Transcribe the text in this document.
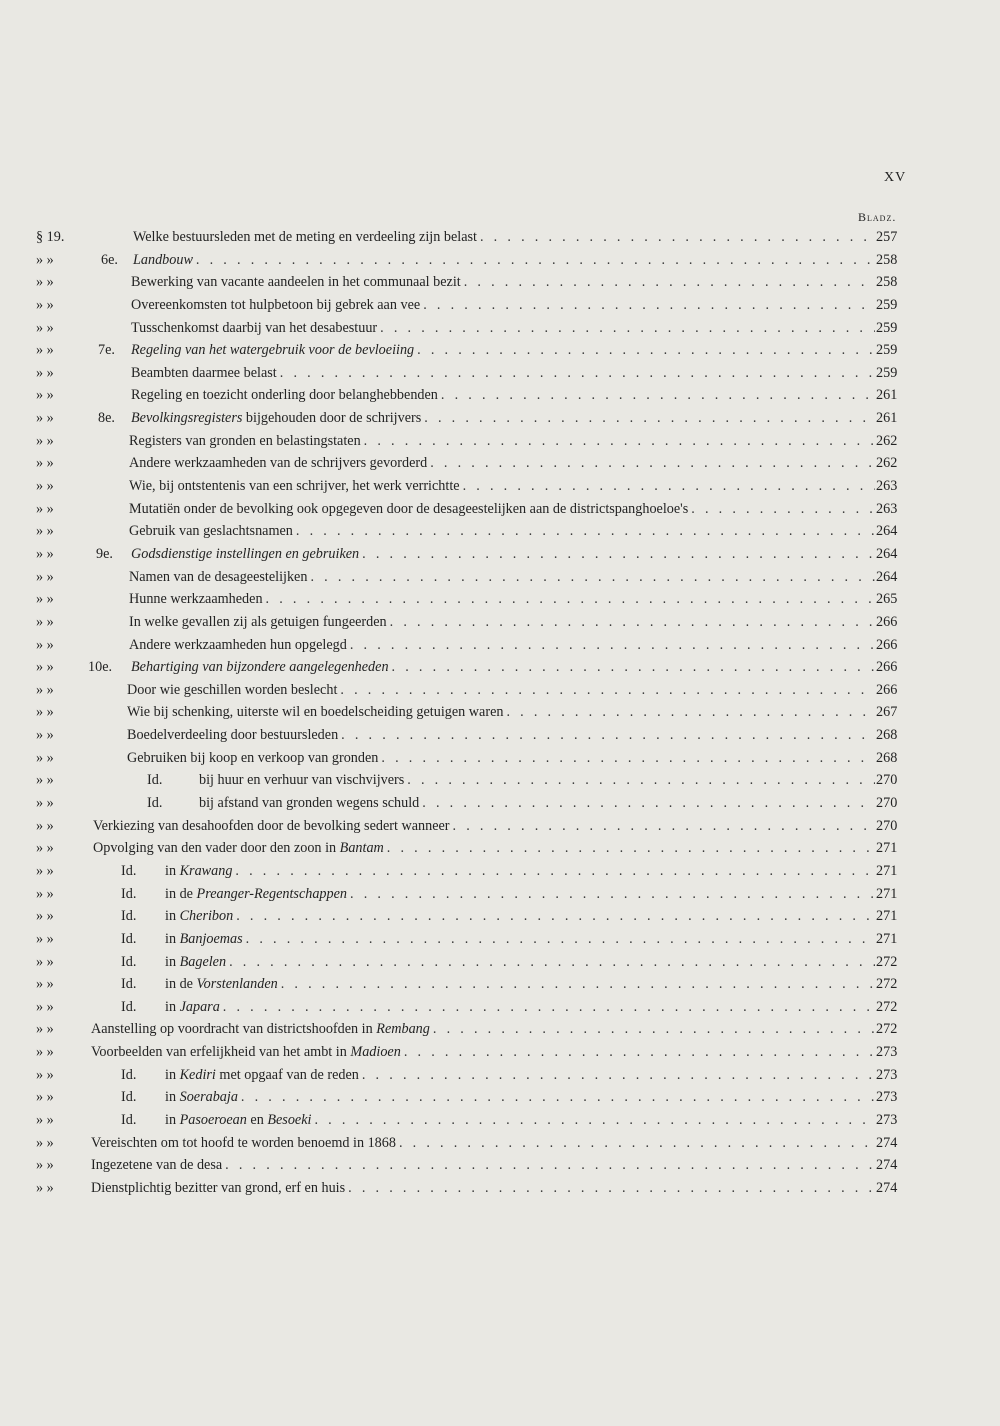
XV
Bladz.
§ 19.	Welke bestuursleden met de meting en verdeeling zijn belast . . .	257
» »	6e. Landbouw . . .	258
» »	Bewerking van vacante aandeelen in het communaal bezit . . .	258
» »	Overeenkomsten tot hulpbetoon bij gebrek aan vee . . .	259
» »	Tusschenkomst daarbij van het desabestuur . . .	259
» »	7e. Regeling van het watergebruik voor de bevloeiing . . .	259
» »	Beambten daarmee belast . . .	259
» »	Regeling en toezicht onderling door belanghebbenden . . .	261
» »	8e. Bevolkingsregisters bijgehouden door de schrijvers . . .	261
» »	Registers van gronden en belastingstaten . . .	262
» »	Andere werkzaamheden van de schrijvers gevorderd . . .	262
» »	Wie, bij ontstentenis van een schrijver, het werk verrichtte . . .	263
» »	Mutatiën onder de bevolking ook opgegeven door de desageestelijken aan de districtspanghoeloe's . . .	263
» »	Gebruik van geslachtsnamen . . .	264
» »	9e. Godsdienstige instellingen en gebruiken . . .	264
» »	Namen van de desageestelijken . . .	264
» »	Hunne werkzaamheden . . .	265
» »	In welke gevallen zij als getuigen fungeerden . . .	266
» »	Andere werkzaamheden hun opgelegd . . .	266
» »	10e. Behartiging van bijzondere aangelegenheden . . .	266
» »	Door wie geschillen worden beslecht . . .	266
» »	Wie bij schenking, uiterste wil en boedelscheiding getuigen waren . . .	267
» »	Boedelverdeeling door bestuursleden . . .	268
» »	Gebruiken bij koop en verkoop van gronden . . .	268
» »	Id.	bij huur en verhuur van vischvijvers . . .	270
» »	Id.	bij afstand van gronden wegens schuld . . .	270
» »	Verkiezing van desahoofden door de bevolking sedert wanneer . . .	270
» »	Opvolging van den vader door den zoon in Bantam . . .	271
» »	Id. in Krawang . . .	271
» »	Id. in de Preanger-Regentschappen . . .	271
» »	Id. in Cheribon . . .	271
» »	Id. in Banjoemas . . .	271
» »	Id. in Bagelen . . .	272
» »	Id. in de Vorstenlanden . . .	272
» »	Id. in Japara . . .	272
» »	Aanstelling op voordracht van districtshoofden in Rembang . . .	272
» »	Voorbeelden van erfelijkheid van het ambt in Madioen . . .	273
» »	Id. in Kediri met opgaaf van de reden . . .	273
» »	Id. in Soerabaja . . .	273
» »	Id. in Pasoeroean en Besoeki . . .	273
» »	Vereischten om tot hoofd te worden benoemd in 1868 . . .	274
» »	Ingezetene van de desa . . .	274
» »	Dienstplichtig bezitter van grond, erf en huis . . .	274
